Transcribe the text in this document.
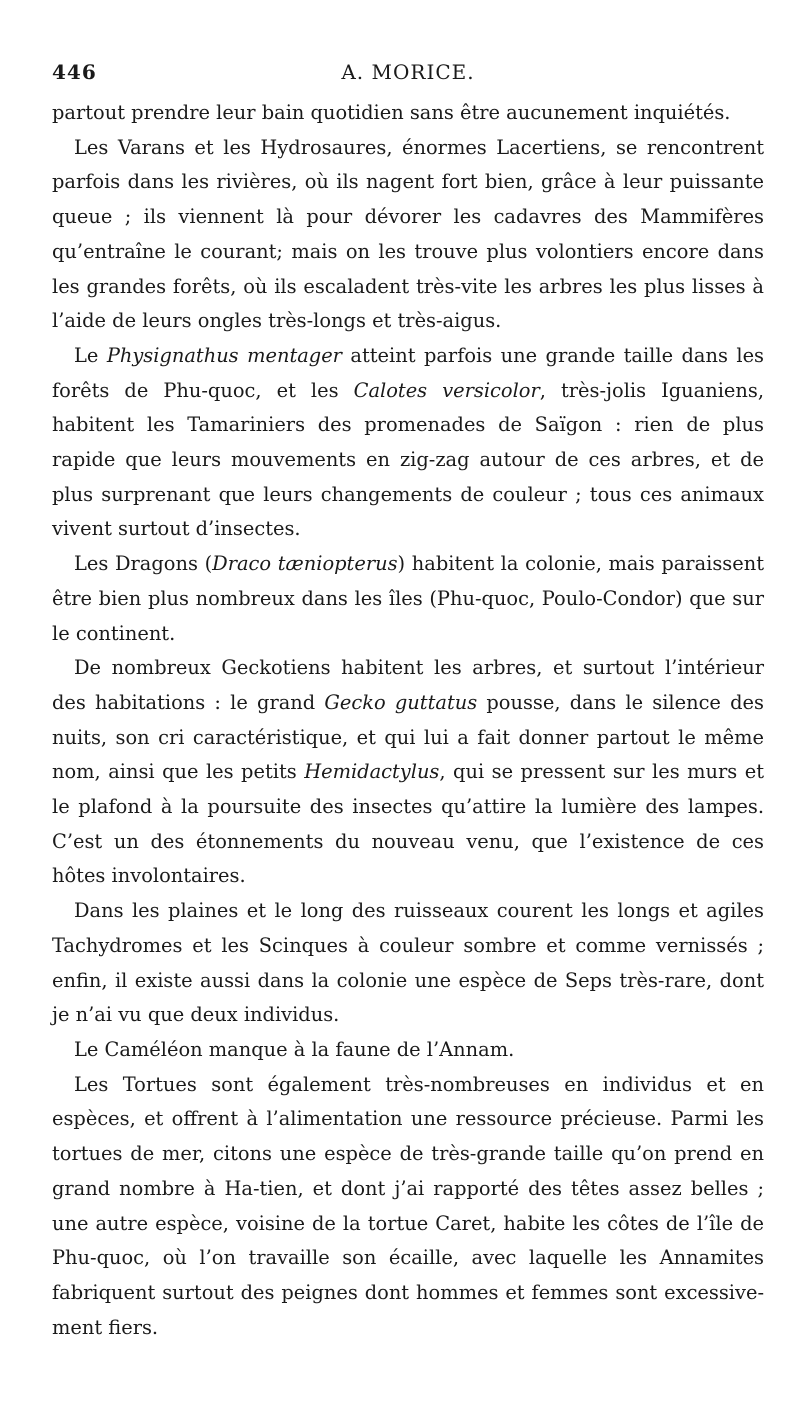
446	A. MORICE.

partout prendre leur bain quotidien sans être aucunement inquiétés.

Les Varans et les Hydrosaures, énormes Lacertiens, se rencontrent parfois dans les rivières, où ils nagent fort bien, grâce à leur puissante queue ; ils viennent là pour dévorer les cadavres des Mammifères qu’entraîne le courant; mais on les trouve plus volontiers encore dans les grandes forêts, où ils escaladent très-vite les arbres les plus lisses à l’aide de leurs ongles très-longs et très-aigus.

Le Physignathus mentager atteint parfois une grande taille dans les forêts de Phu-quoc, et les Calotes versicolor, très-jolis Iguaniens, habitent les Tamariniers des promenades de Saïgon : rien de plus rapide que leurs mouvements en zig-zag autour de ces arbres, et de plus surprenant que leurs changements de couleur ; tous ces animaux vivent surtout d’insectes.

Les Dragons (Draco tæniopterus) habitent la colonie, mais paraissent être bien plus nombreux dans les îles (Phu-quoc, Poulo-Condor) que sur le continent.

De nombreux Geckotiens habitent les arbres, et surtout l’intérieur des habitations : le grand Gecko guttatus pousse, dans le silence des nuits, son cri caractéristique, et qui lui a fait donner partout le même nom, ainsi que les petits Hemidactylus, qui se pressent sur les murs et le plafond à la poursuite des insectes qu’attire la lumière des lampes. C’est un des étonnements du nouveau venu, que l’existence de ces hôtes involontaires.

Dans les plaines et le long des ruisseaux courent les longs et agiles Tachydromes et les Scinques à couleur sombre et comme vernissés ; enfin, il existe aussi dans la colonie une espèce de Seps très-rare, dont je n’ai vu que deux individus.

Le Caméléon manque à la faune de l’Annam.

Les Tortues sont également très-nombreuses en individus et en espèces, et offrent à l’alimentation une ressource précieuse. Parmi les tortues de mer, citons une espèce de très-grande taille qu’on prend en grand nombre à Ha-tien, et dont j’ai rapporté des têtes assez belles ; une autre espèce, voisine de la tortue Caret, habite les côtes de l’île de Phu-quoc, où l’on travaille son écaille, avec laquelle les Annamites fabriquent surtout des peignes dont hommes et femmes sont excessivement fiers.
